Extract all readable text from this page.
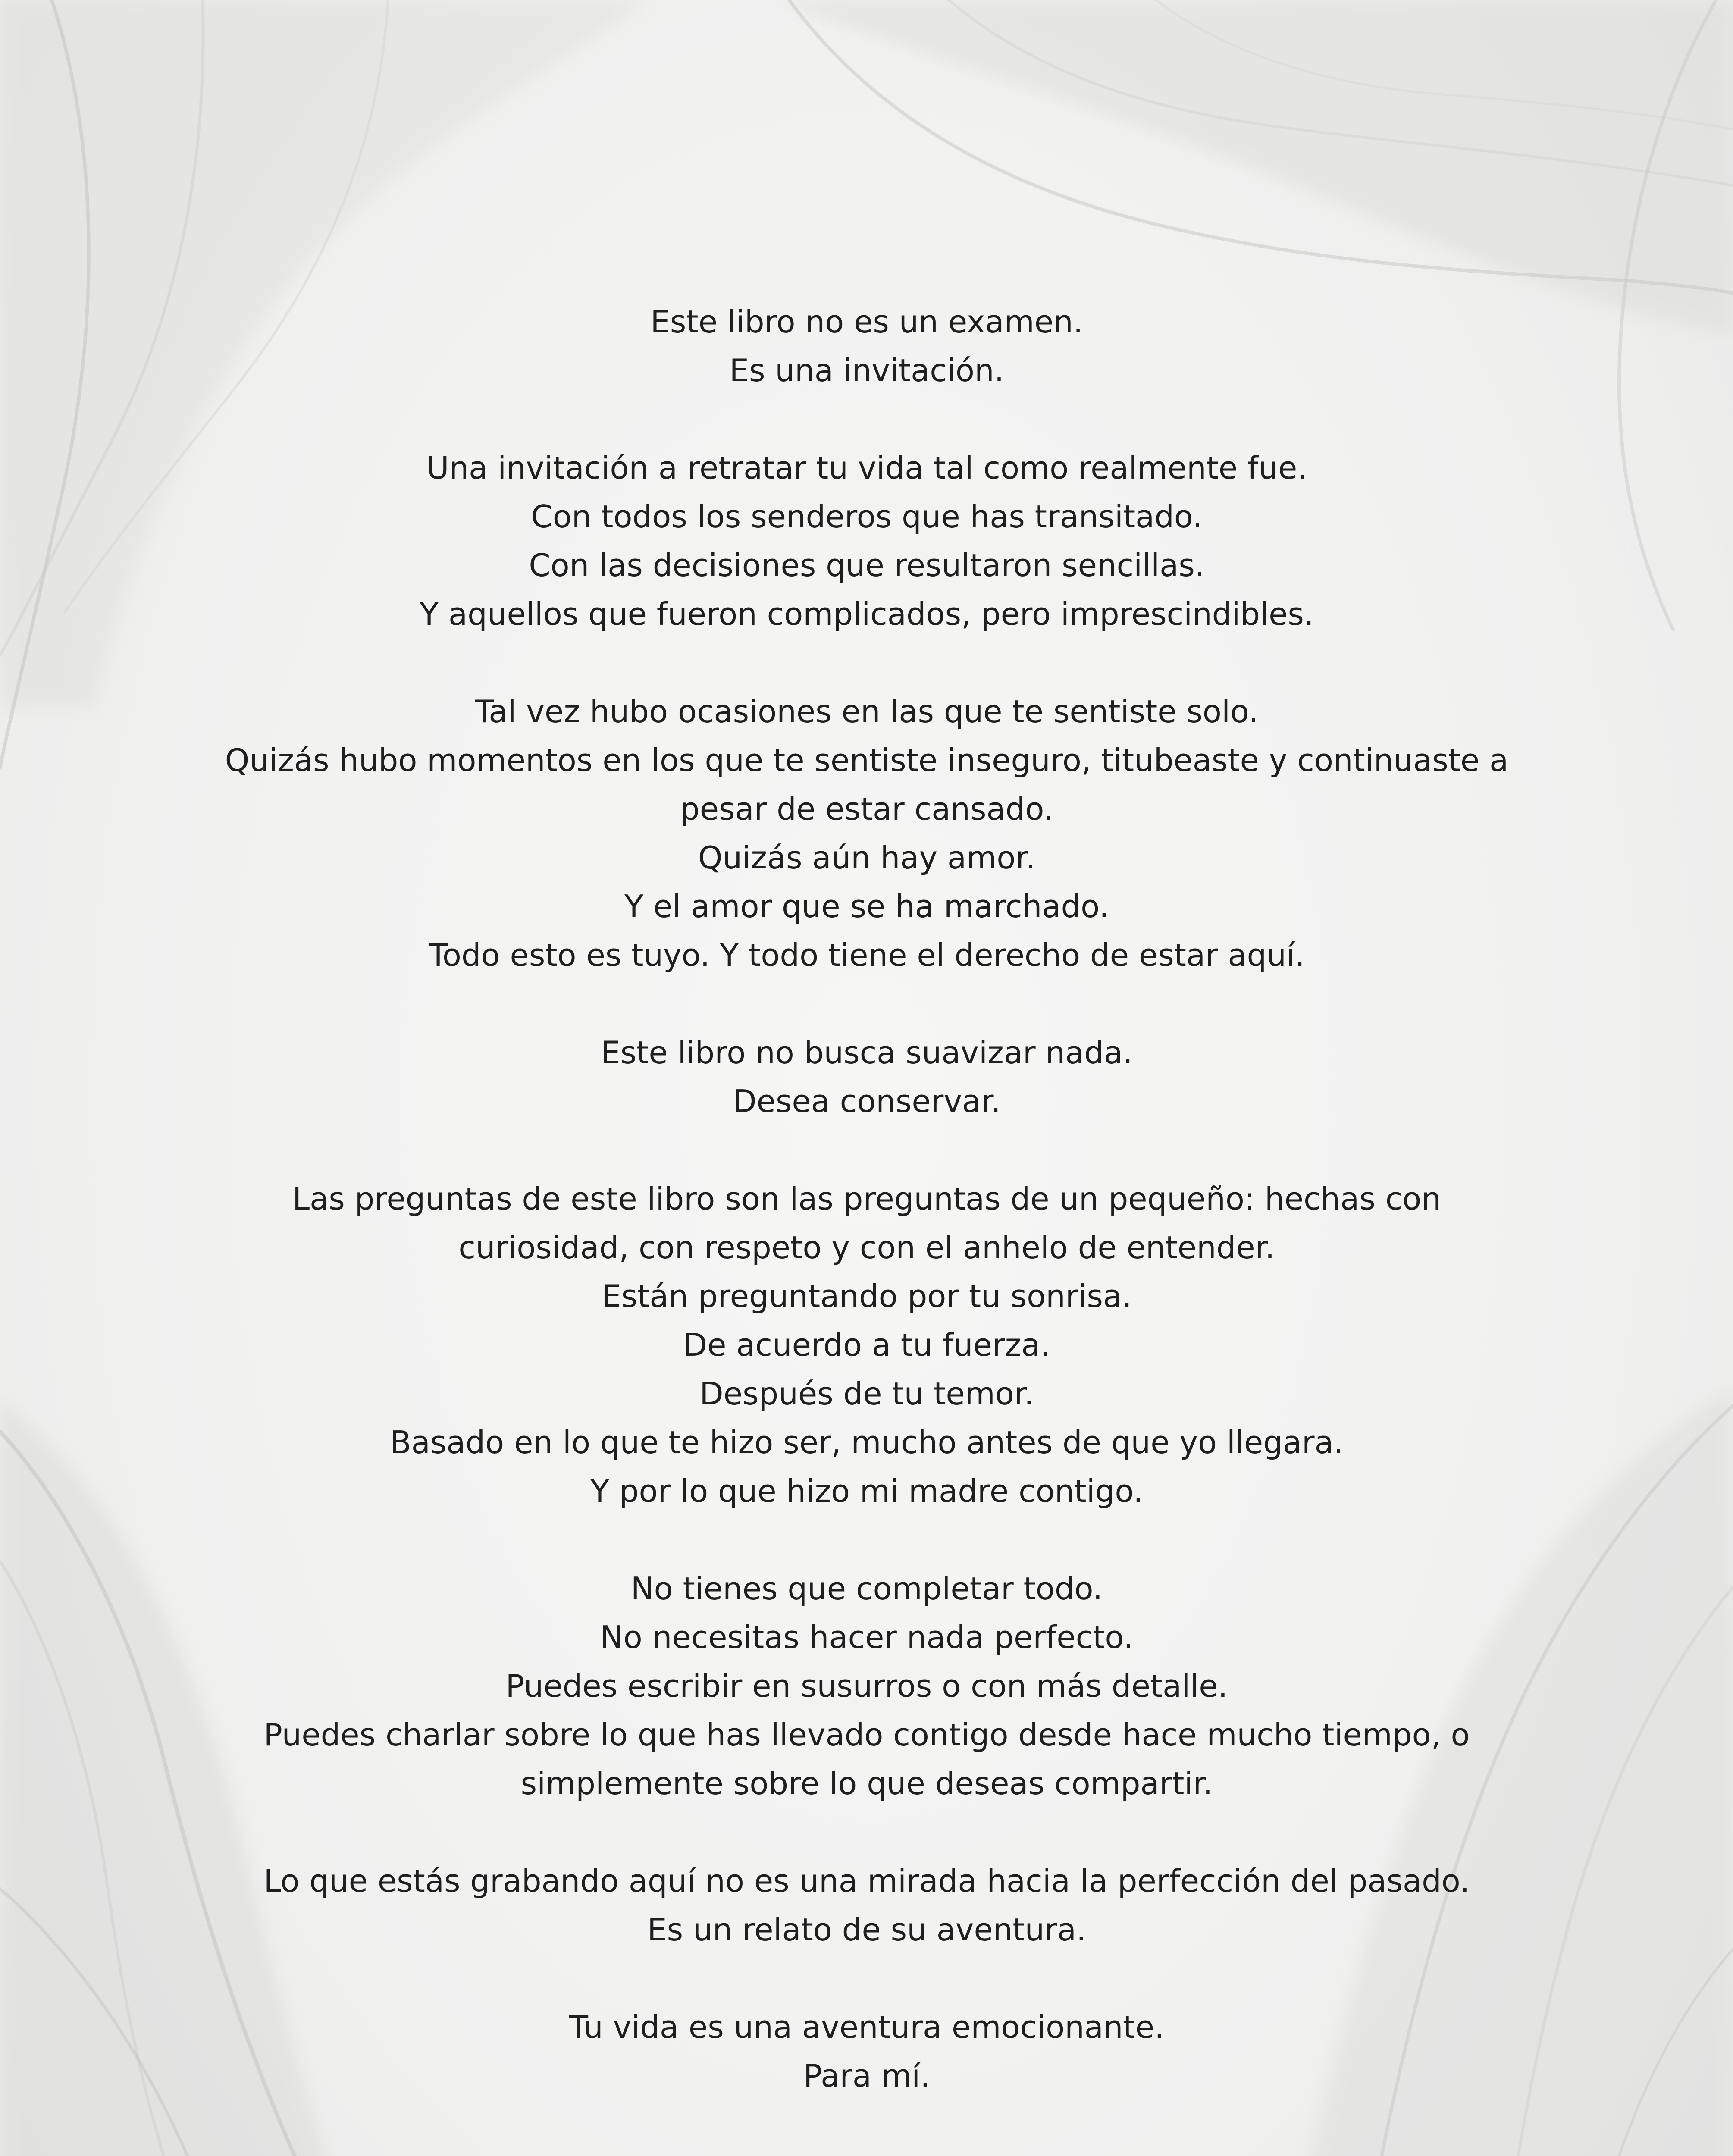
Este libro no es un examen.
Es una invitación.
Una invitación a retratar tu vida tal como realmente fue.
Con todos los senderos que has transitado.
Con las decisiones que resultaron sencillas.
Y aquellos que fueron complicados, pero imprescindibles.
Tal vez hubo ocasiones en las que te sentiste solo.
Quizás hubo momentos en los que te sentiste inseguro, titubeaste y continuaste a pesar de estar cansado.
Quizás aún hay amor.
Y el amor que se ha marchado.
Todo esto es tuyo. Y todo tiene el derecho de estar aquí.
Este libro no busca suavizar nada.
Desea conservar.
Las preguntas de este libro son las preguntas de un pequeño: hechas con curiosidad, con respeto y con el anhelo de entender.
Están preguntando por tu sonrisa.
De acuerdo a tu fuerza.
Después de tu temor.
Basado en lo que te hizo ser, mucho antes de que yo llegara.
Y por lo que hizo mi madre contigo.
No tienes que completar todo.
No necesitas hacer nada perfecto.
Puedes escribir en susurros o con más detalle.
Puedes charlar sobre lo que has llevado contigo desde hace mucho tiempo, o simplemente sobre lo que deseas compartir.
Lo que estás grabando aquí no es una mirada hacia la perfección del pasado.
Es un relato de su aventura.
Tu vida es una aventura emocionante.
Para mí.
